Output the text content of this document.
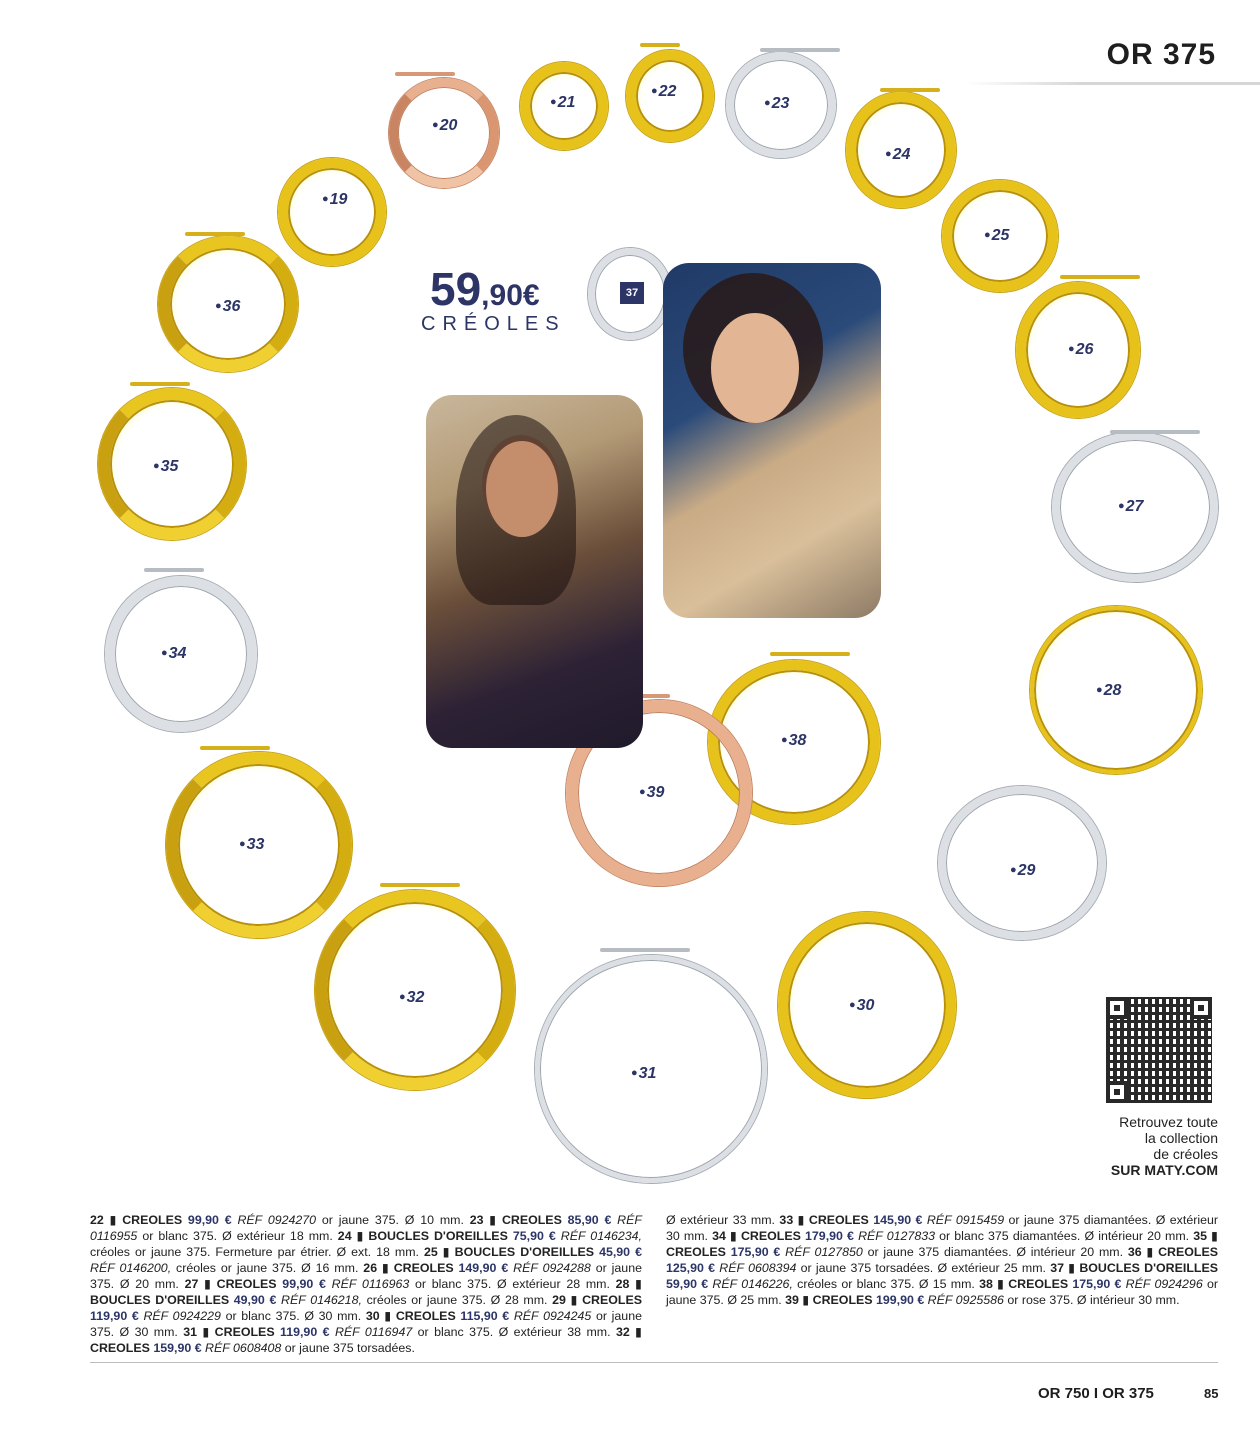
OR 375
59,90€
CRÉOLES
37
●19
●20
●21
●22
●23
●24
●25
●26
●27
●28
●29
●30
●31
●32
●33
●34
●35
●36
●38
●39
Retrouvez toute
la collection
de créoles
SUR MATY.COM
22 ▮ CREOLES 99,90 € RÉF 0924270 or jaune 375. Ø 10 mm. 23 ▮ CREOLES 85,90 € RÉF 0116955 or blanc 375. Ø extérieur 18 mm. 24 ▮ BOUCLES D'OREILLES 75,90 € RÉF 0146234, créoles or jaune 375. Fermeture par étrier. Ø ext. 18 mm. 25 ▮ BOUCLES D'OREILLES 45,90 € RÉF 0146200, créoles or jaune 375. Ø 16 mm. 26 ▮ CREOLES 149,90 € RÉF 0924288 or jaune 375. Ø 20 mm. 27 ▮ CREOLES 99,90 € RÉF 0116963 or blanc 375. Ø extérieur 28 mm. 28 ▮ BOUCLES D'OREILLES 49,90 € RÉF 0146218, créoles or jaune 375. Ø 28 mm. 29 ▮ CREOLES 119,90 € RÉF 0924229 or blanc 375. Ø 30 mm. 30 ▮ CREOLES 115,90 € RÉF 0924245 or jaune 375. Ø 30 mm. 31 ▮ CREOLES 119,90 € RÉF 0116947 or blanc 375. Ø extérieur 38 mm. 32 ▮ CREOLES 159,90 € RÉF 0608408 or jaune 375 torsadées.
Ø extérieur 33 mm. 33 ▮ CREOLES 145,90 € RÉF 0915459 or jaune 375 diamantées. Ø extérieur 30 mm. 34 ▮ CREOLES 179,90 € RÉF 0127833 or blanc 375 diamantées. Ø intérieur 20 mm. 35 ▮ CREOLES 175,90 € RÉF 0127850 or jaune 375 diamantées. Ø intérieur 20 mm. 36 ▮ CREOLES 125,90 € RÉF 0608394 or jaune 375 torsadées. Ø extérieur 25 mm. 37 ▮ BOUCLES D'OREILLES 59,90 € RÉF 0146226, créoles or blanc 375. Ø 15 mm. 38 ▮ CREOLES 175,90 € RÉF 0924296 or jaune 375. Ø 25 mm. 39 ▮ CREOLES 199,90 € RÉF 0925586 or rose 375. Ø intérieur 30 mm.
OR 750 I OR 375	85
